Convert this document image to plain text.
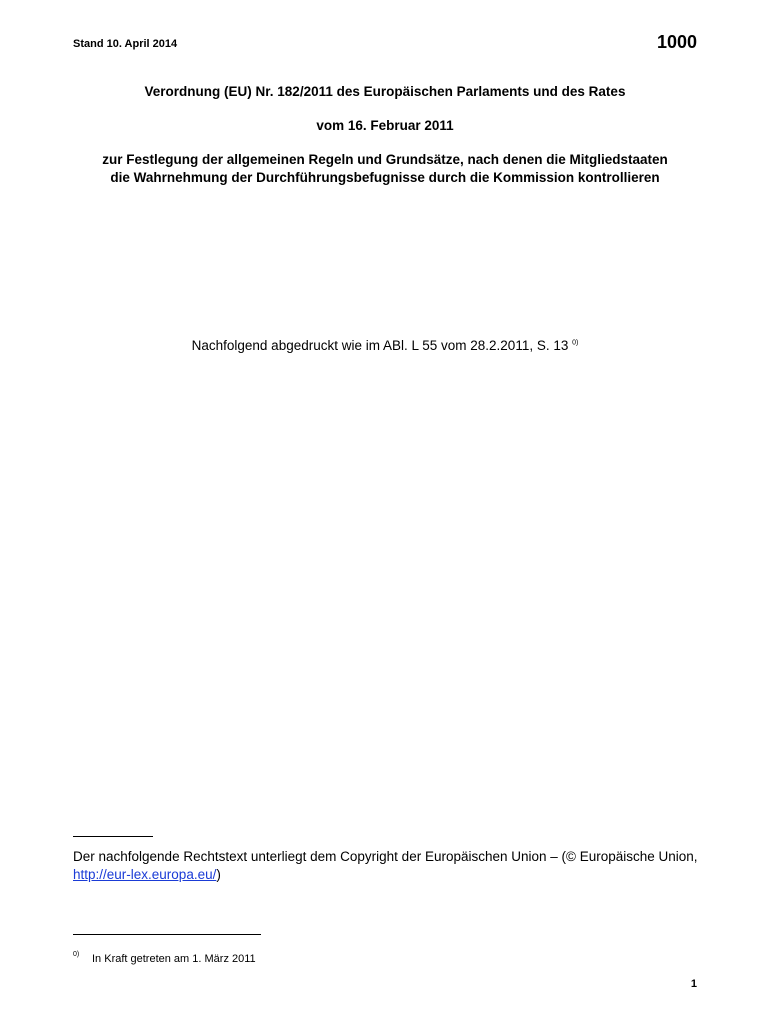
Stand 10. April 2014	1000
Verordnung (EU) Nr. 182/2011 des Europäischen Parlaments und des Rates
vom 16. Februar 2011
zur Festlegung der allgemeinen Regeln und Grundsätze, nach denen die Mitgliedstaaten
die Wahrnehmung der Durchführungsbefugnisse durch die Kommission kontrollieren
Nachfolgend abgedruckt wie im ABl. L 55 vom 28.2.2011, S. 13 $^{0)}$
Der nachfolgende Rechtstext unterliegt dem Copyright der Europäischen Union – (© Europäische Union, http://eur-lex.europa.eu/)
0) In Kraft getreten am 1. März 2011
1
